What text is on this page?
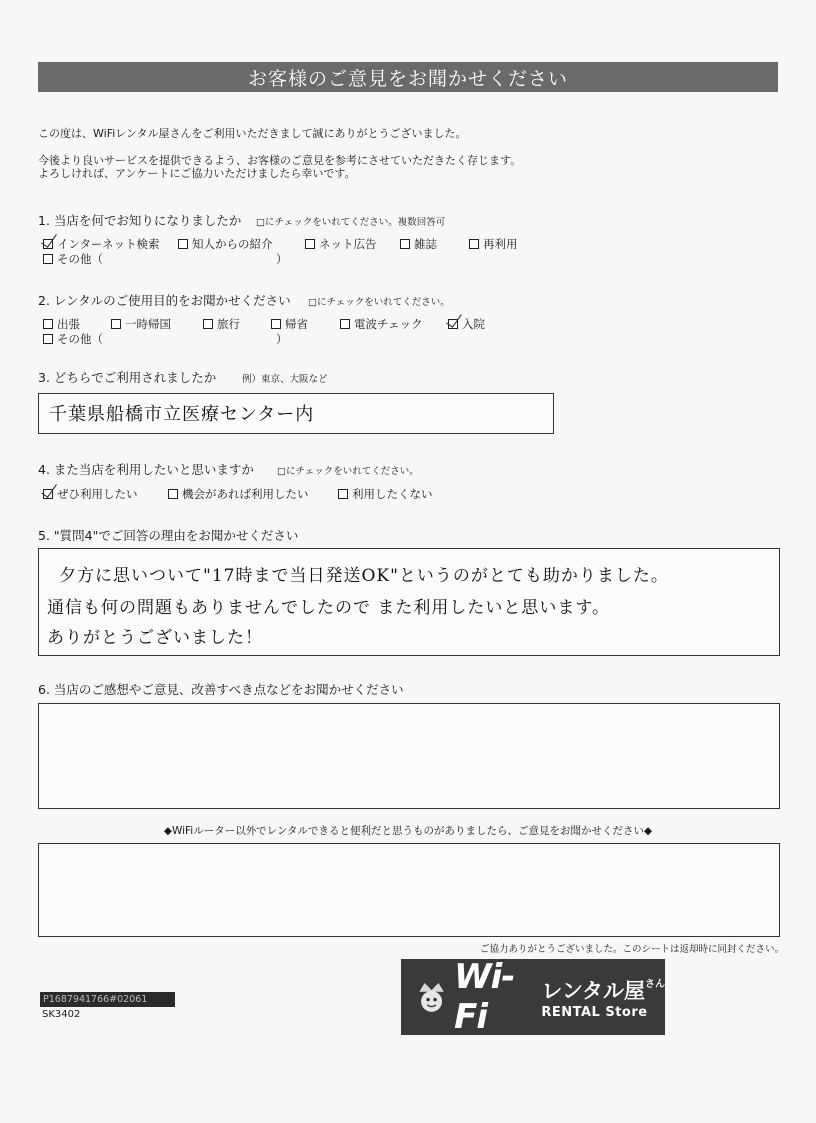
お客様のご意見をお聞かせください
この度は、WiFiレンタル屋さんをご利用いただきまして誠にありがとうございました。
今後より良いサービスを提供できるよう、お客様のご意見を参考にさせていただきたく存じます。
よろしければ、アンケートにご協力いただけましたら幸いです。
1. 当店を何でお知りになりましたか □にチェックをいれてください。複数回答可
インターネット検索	知人からの紹介	ネット広告	雑誌	再利用
その他（	）
2. レンタルのご使用目的をお聞かせください □にチェックをいれてください。
出張	一時帰国	旅行	帰省	電波チェック	入院
その他（	）
3. どちらでご利用されましたか	例）東京、大阪など
千葉県船橋市立医療センター内
4. また当店を利用したいと思いますか □にチェックをいれてください。
ぜひ利用したい	機会があれば利用したい	利用したくない
5. "質問4"でご回答の理由をお聞かせください
夕方に思いついて"17時まで当日発送OK"というのがとても助かりました。
通信も何の問題もありませんでしたので また利用したいと思います。
ありがとうございました！
6. 当店のご感想やご意見、改善すべき点などをお聞かせください
◆WiFiルーター以外でレンタルできると便利だと思うものがありましたら、ご意見をお聞かせください◆
ご協力ありがとうございました。このシートは返却時に同封ください。
P1687941766#02061
SK3402
Wi-Fi
レンタル屋$^{さん}$
RENTAL Store
